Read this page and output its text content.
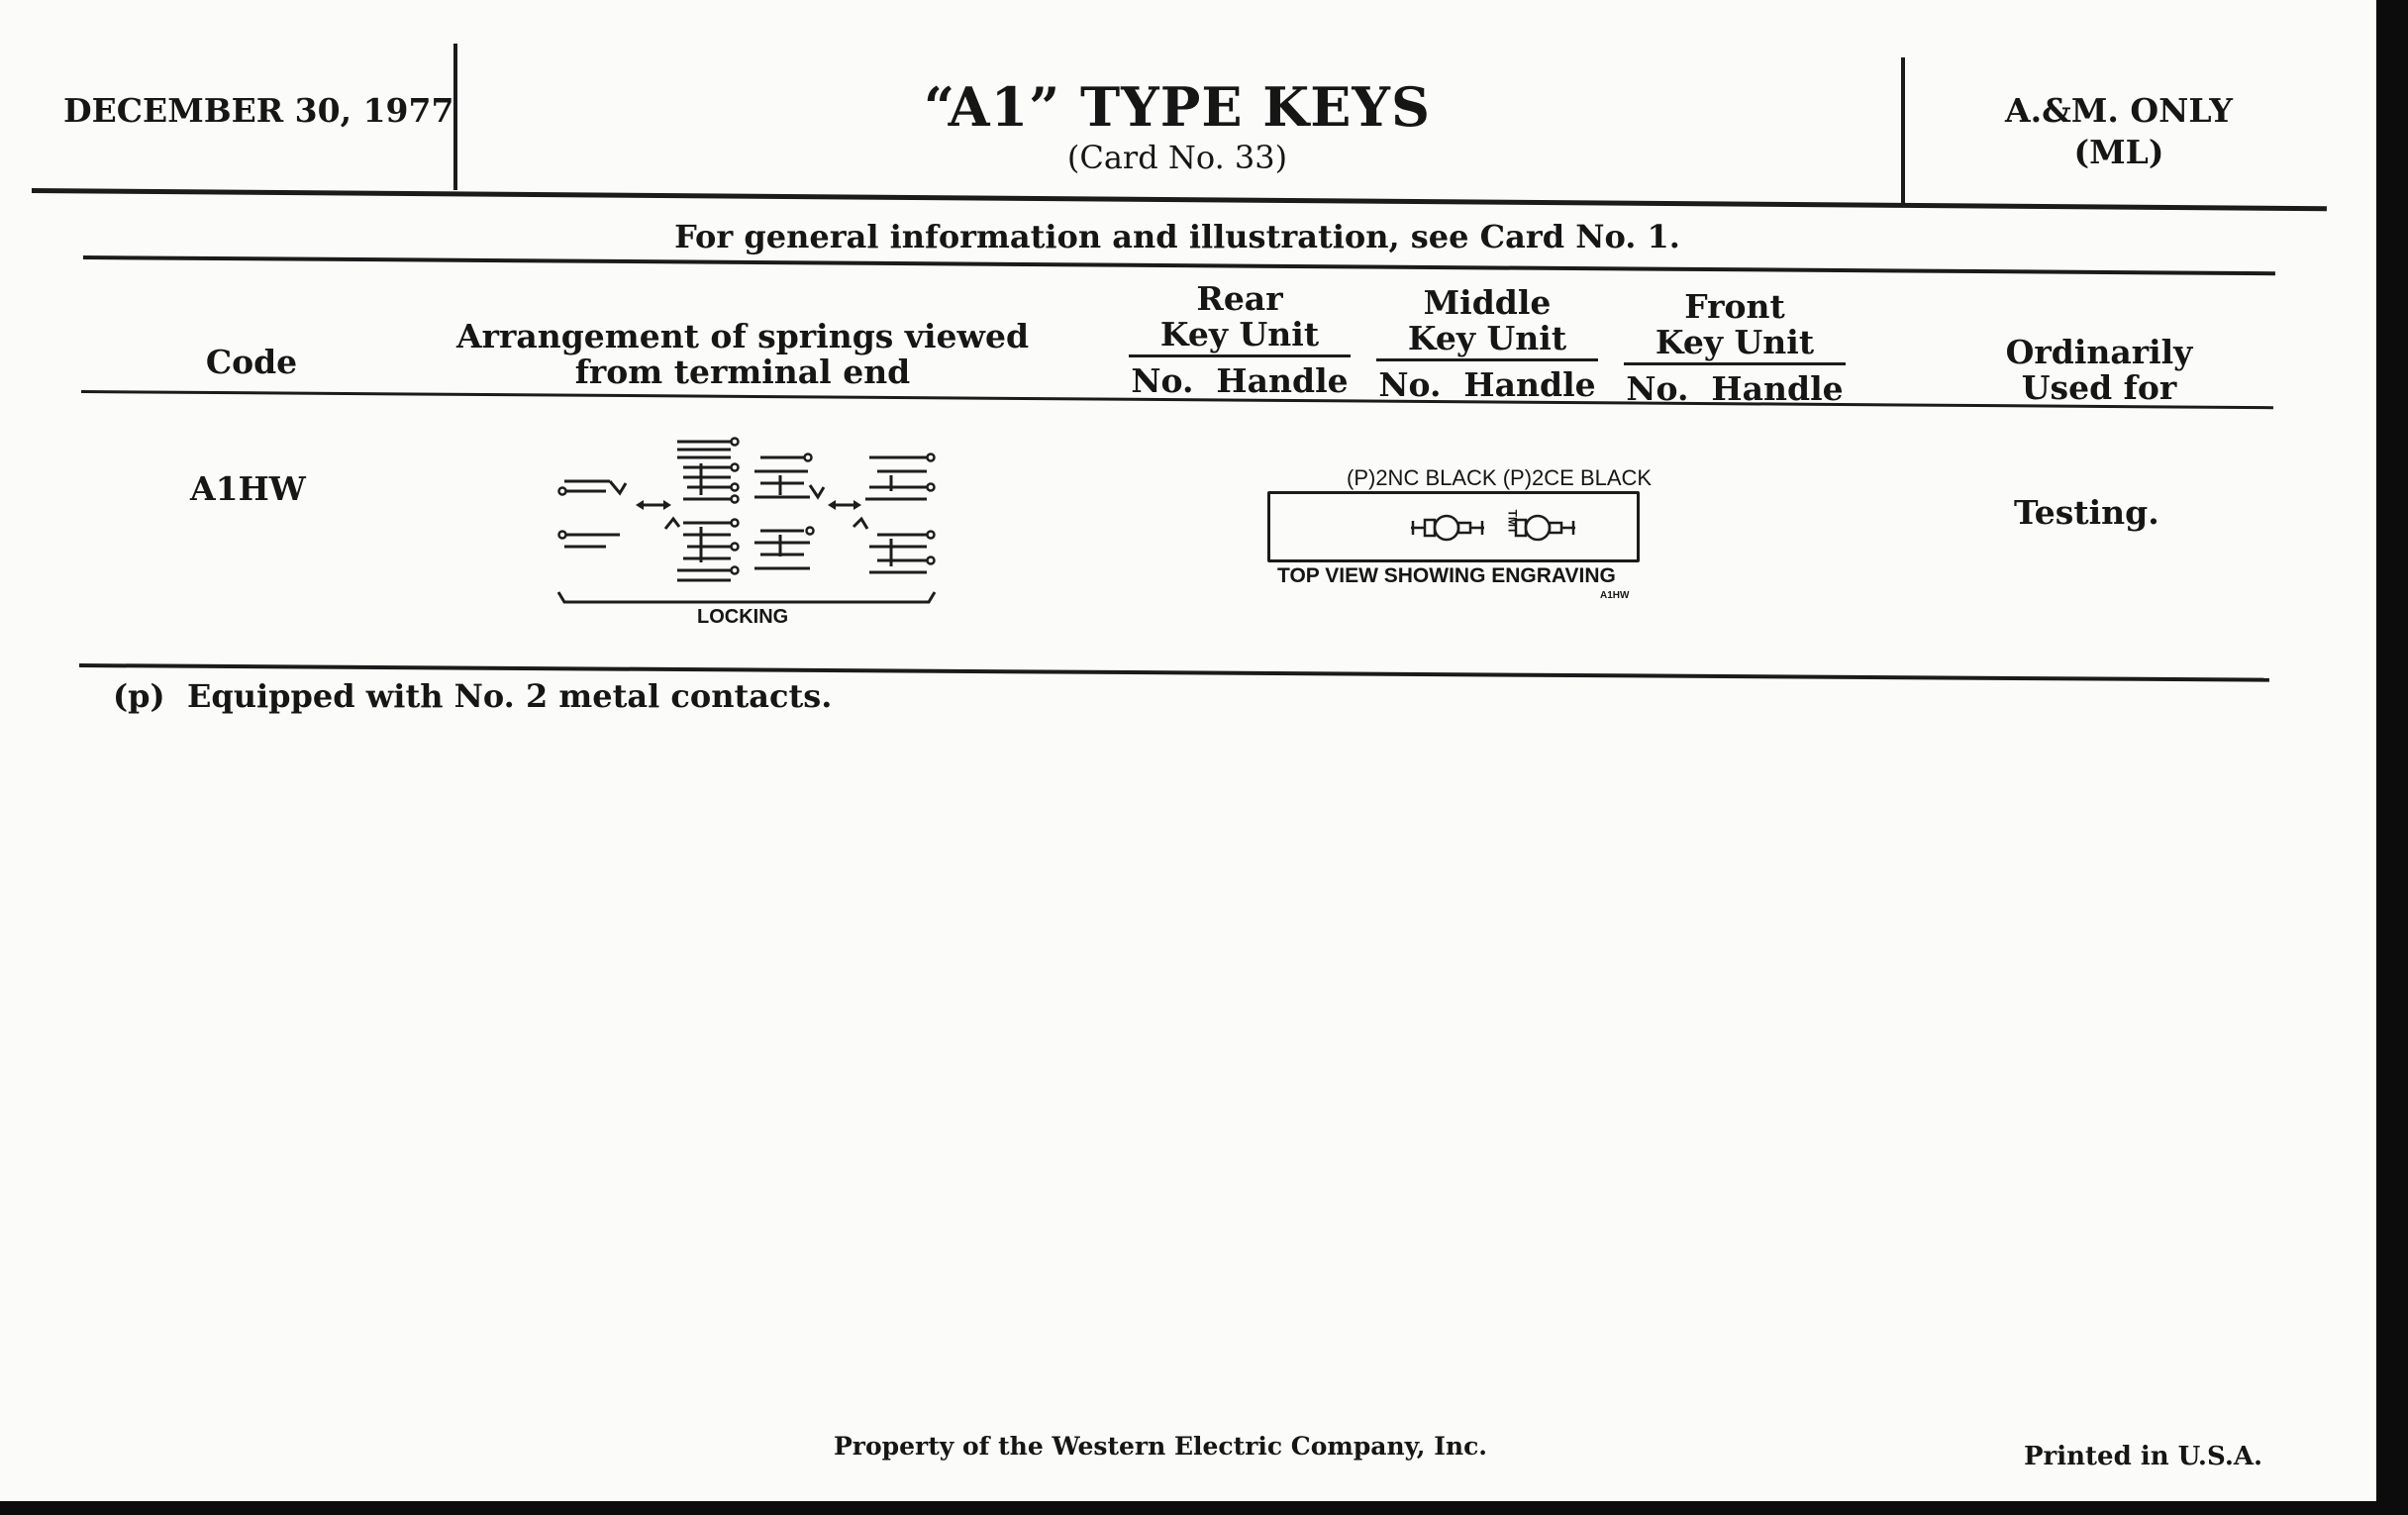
DECEMBER 30, 1977	“A1” TYPE KEYS
(Card No. 33)
A.&M. ONLY
(ML)
For general information and illustration, see Card No. 1.
Code
Arrangement of springs viewed
from terminal end
Rear
Key Unit
No.  Handle
Middle
Key Unit
No.  Handle
Front
Key Unit
No.  Handle
Ordinarily
Used for
A1HW
LOCKING
(P)2NC BLACK (P)2CE BLACK
TMT
TOP VIEW SHOWING ENGRAVING
A1HW
Testing.
(p)  Equipped with No. 2 metal contacts.
Property of the Western Electric Company, Inc.	Printed in U.S.A.
